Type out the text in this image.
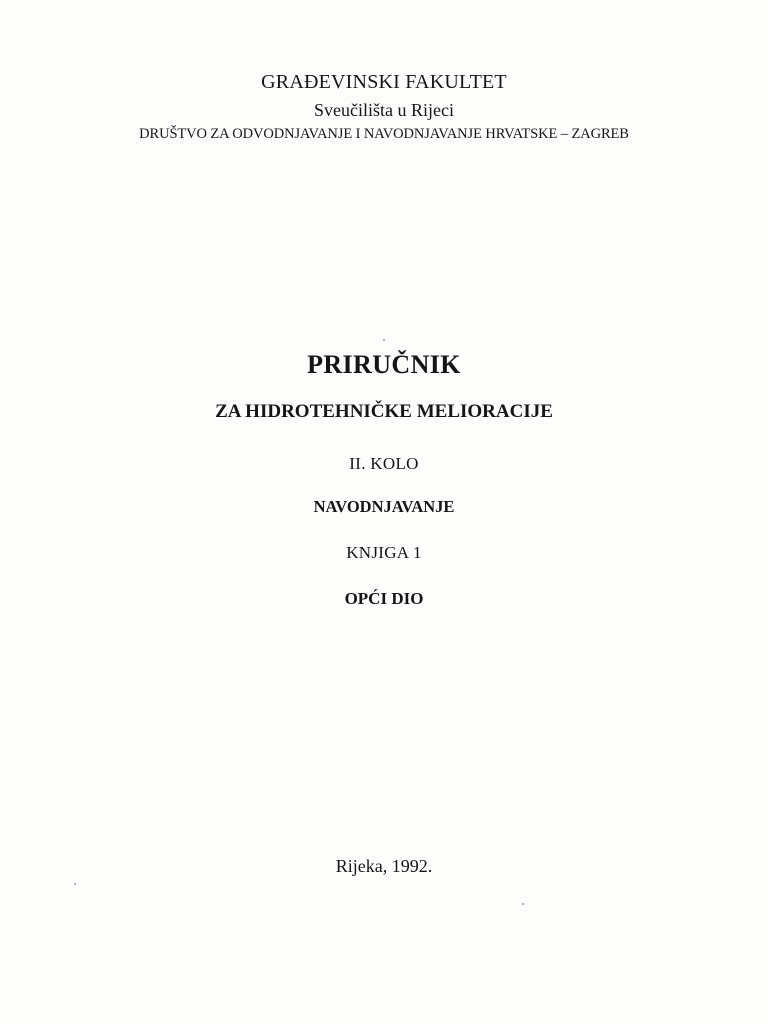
GRAĐEVINSKI FAKULTET
Sveučilišta u Rijeci
DRUŠTVO ZA ODVODNJAVANJE I NAVODNJAVANJE HRVATSKE – ZAGREB
PRIRUČNIK
ZA HIDROTEHNIČKE MELIORACIJE
II. KOLO
NAVODNJAVANJE
KNJIGA 1
OPĆI DIO
Rijeka, 1992.
